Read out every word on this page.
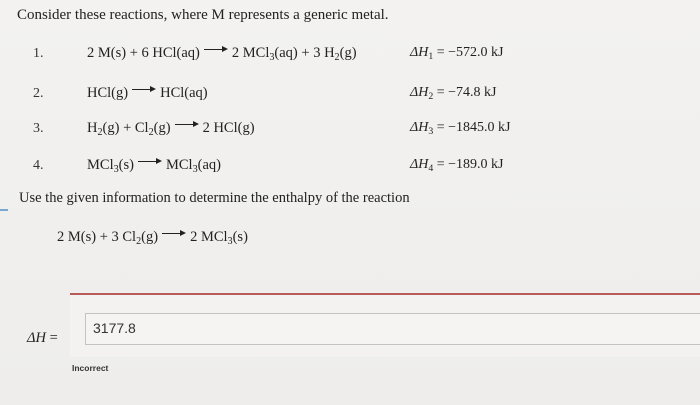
Consider these reactions, where M represents a generic metal.
1.	2 M(s) + 6 HCl(aq) 2 MCl$_3$(aq) + 3 $H_2(g)$	$\Delta H_1 = -572.0$ kJ
2.	HCl(g) HCl(aq)	$\Delta H_2 = -74.8$ kJ
3.	$H_2(g) + Cl_2(g)$ 2 HCl(g)	$\Delta H_3 = -1845.0$ kJ
4.	MCl$_3$(s) MCl$_3$(aq)	$\Delta H_4 = -189.0$ kJ
Use the given information to determine the enthalpy of the reaction
2 M(s) + 3 $Cl_2(g)$ 2 MCl$_3$(s)
ΔH =
3177.8
Incorrect
